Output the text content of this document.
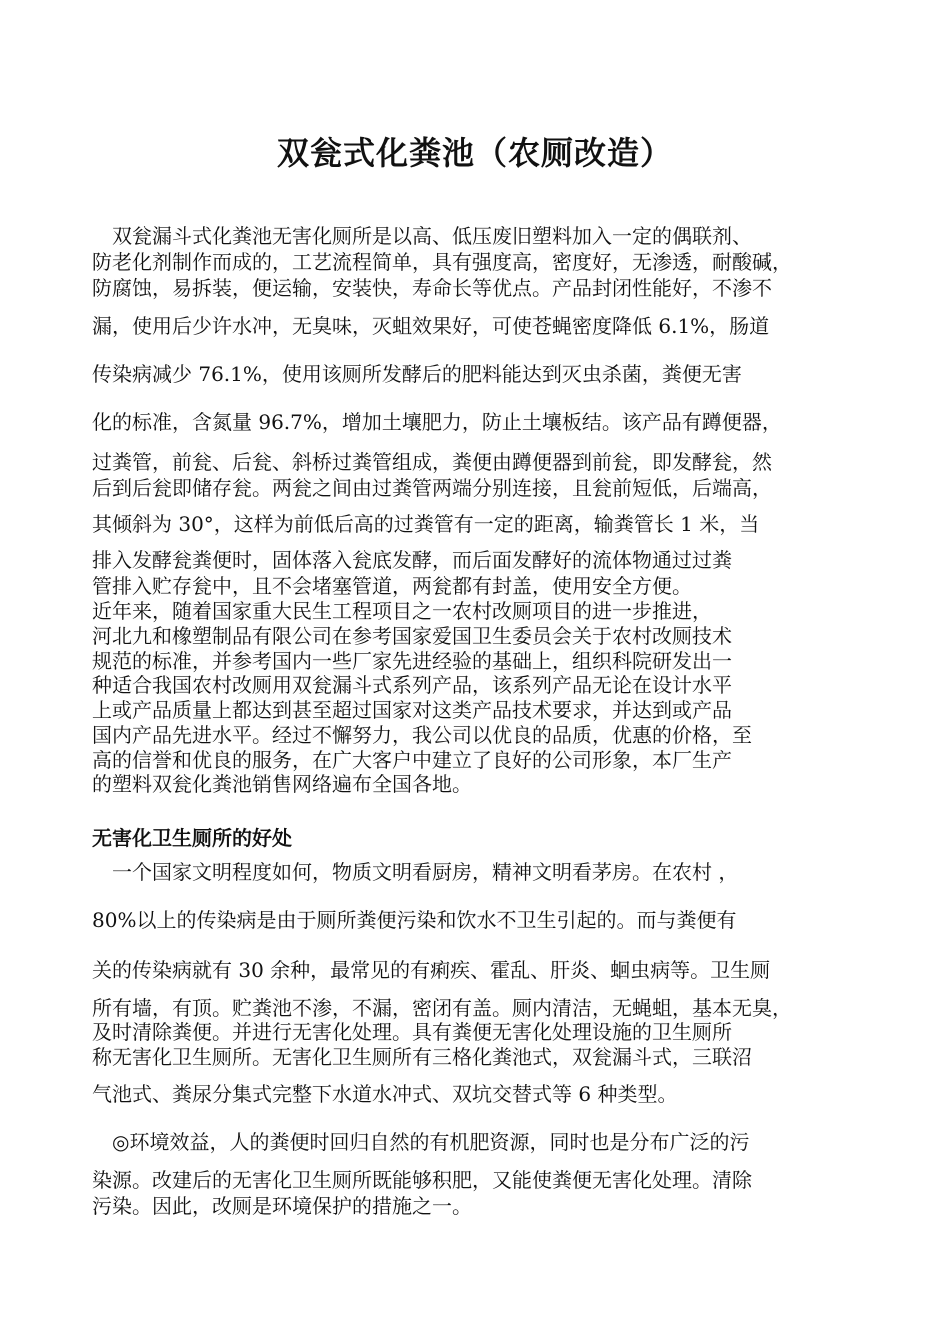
双瓮式化粪池（农厕改造）
　双瓮漏斗式化粪池无害化厕所是以高、低压废旧塑料加入一定的偶联剂、
防老化剂制作而成的，工艺流程简单，具有强度高，密度好，无渗透，耐酸碱，
防腐蚀，易拆装，便运输，安装快，寿命长等优点。产品封闭性能好，不渗不
漏，使用后少许水冲，无臭味，灭蛆效果好，可使苍蝇密度降低 6.1%，肠道
传染病减少 76.1%，使用该厕所发酵后的肥料能达到灭虫杀菌，粪便无害
化的标准，含氮量 96.7%，增加土壤肥力，防止土壤板结。该产品有蹲便器，
过粪管，前瓮、后瓮、斜桥过粪管组成，粪便由蹲便器到前瓮，即发酵瓮，然
后到后瓮即储存瓮。两瓮之间由过粪管两端分别连接，且瓮前短低，后端高，
其倾斜为 30°，这样为前低后高的过粪管有一定的距离，输粪管长 1 米，当
排入发酵瓮粪便时，固体落入瓮底发酵，而后面发酵好的流体物通过过粪
管排入贮存瓮中，且不会堵塞管道，两瓮都有封盖，使用安全方便。
近年来，随着国家重大民生工程项目之一农村改厕项目的进一步推进，
河北九和橡塑制品有限公司在参考国家爱国卫生委员会关于农村改厕技术
规范的标准，并参考国内一些厂家先进经验的基础上，组织科院研发出一
种适合我国农村改厕用双瓮漏斗式系列产品，该系列产品无论在设计水平
上或产品质量上都达到甚至超过国家对这类产品技术要求，并达到或产品
国内产品先进水平。经过不懈努力，我公司以优良的品质，优惠的价格，至
高的信誉和优良的服务，在广大客户中建立了良好的公司形象，本厂生产
的塑料双瓮化粪池销售网络遍布全国各地。
无害化卫生厕所的好处
　一个国家文明程度如何，物质文明看厨房，精神文明看茅房。在农村 ，
80%以上的传染病是由于厕所粪便污染和饮水不卫生引起的。而与粪便有
关的传染病就有 30 余种，最常见的有痢疾、霍乱、肝炎、蛔虫病等。卫生厕
所有墙，有顶。贮粪池不渗，不漏，密闭有盖。厕内清洁，无蝇蛆，基本无臭，
及时清除粪便。并进行无害化处理。具有粪便无害化处理设施的卫生厕所
称无害化卫生厕所。无害化卫生厕所有三格化粪池式，双瓮漏斗式，三联沼
气池式、粪尿分集式完整下水道水冲式、双坑交替式等 6 种类型。
　◎环境效益，人的粪便时回归自然的有机肥资源，同时也是分布广泛的污
染源。改建后的无害化卫生厕所既能够积肥，又能使粪便无害化处理。清除
污染。因此，改厕是环境保护的措施之一。
